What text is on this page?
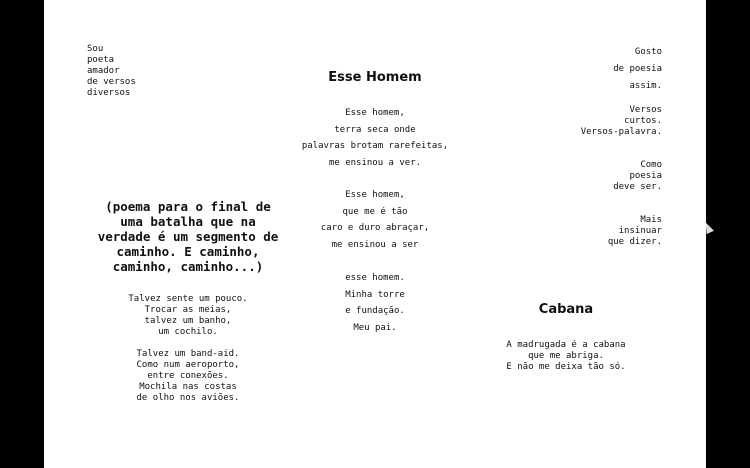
Sou
poeta
amador
de versos
diversos
Esse Homem
Esse homem,
terra seca onde
palavras brotam rarefeitas,
me ensinou a ver.
Esse homem,
que me é tão
caro e duro abraçar,
me ensinou a ser
esse homem.
Minha torre
e fundação.
Meu pai.
(poema para o final de
uma batalha que na
verdade é um segmento de
caminho. E caminho,
caminho, caminho...)
Talvez sente um pouco.
Trocar as meias,
talvez um banho,
um cochilo.
Talvez um band-aid.
Como num aeroporto,
entre conexões.
Mochila nas costas
de olho nos aviões.
Gosto
de poesia
assim.
Versos
curtos.
Versos-palavra.
Como
poesia
deve ser.
Mais
insinuar
que dizer.
Cabana
A madrugada é a cabana
que me abriga.
E não me deixa tão só.
